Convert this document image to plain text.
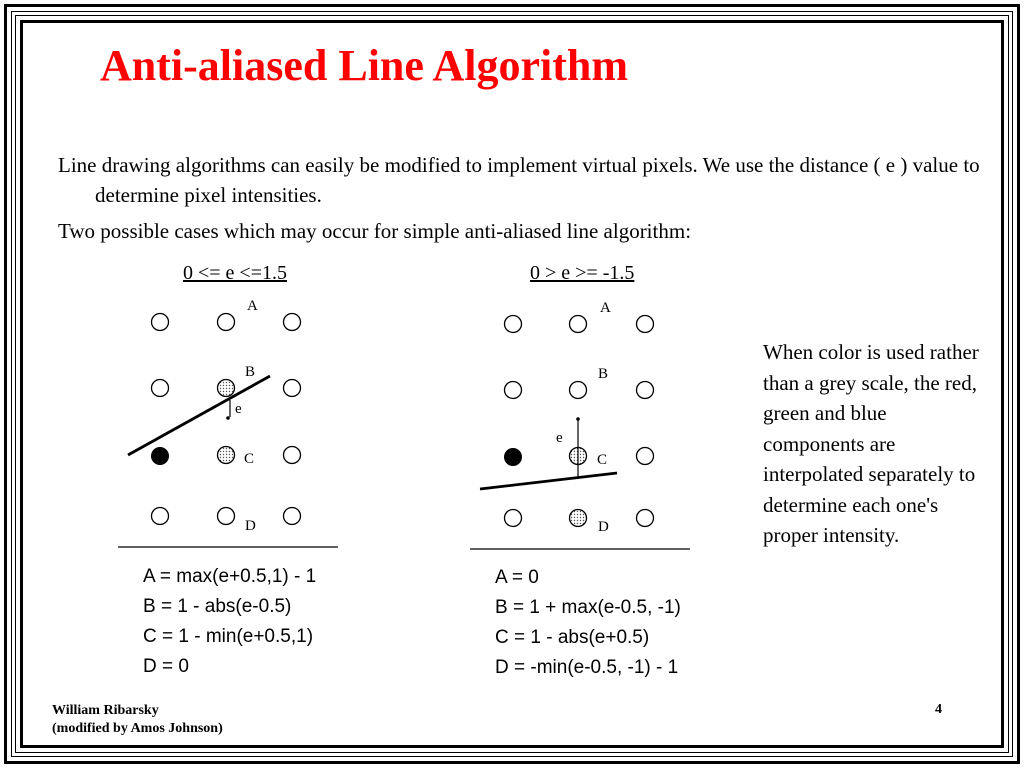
Anti-aliased Line Algorithm

Line drawing algorithms can easily be modified to implement virtual pixels. We use the distance ( e ) value to determine pixel intensities.

Two possible cases which may occur for simple anti-aliased line algorithm:

0 <= e <=1.5	0 > e >= -1.5

A
B
e
C
D
A
B
e
C
D
A = max(e+0.5,1) - 1
B = 1 - abs(e-0.5)
C = 1 - min(e+0.5,1)
D = 0
A = 0
B = 1 + max(e-0.5, -1)
C = 1 - abs(e+0.5)
D = -min(e-0.5, -1) - 1

When color is used rather than a grey scale, the red, green and blue components are interpolated separately to determine each one's proper intensity.

William Ribarsky
(modified by Amos Johnson)

4
